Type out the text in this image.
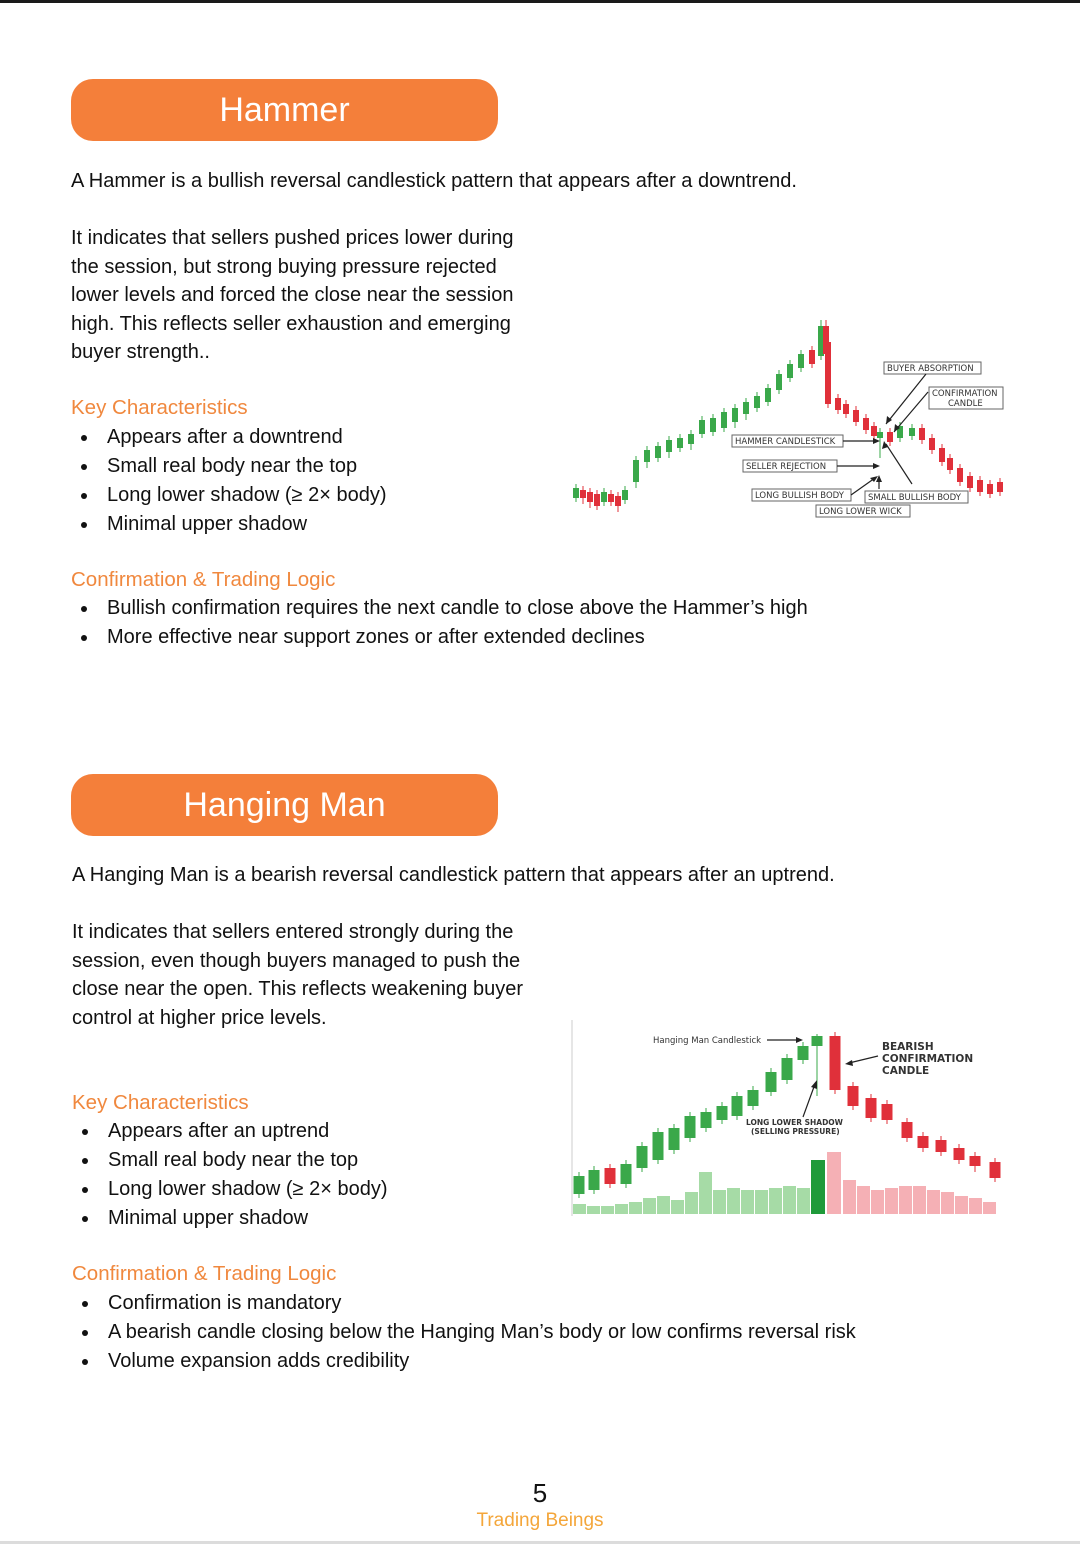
Hammer

A Hammer is a bullish reversal candlestick pattern that appears after a downtrend.

It indicates that sellers pushed prices lower during
the session, but strong buying pressure rejected
lower levels and forced the close near the session
high. This reflects seller exhaustion and emerging
buyer strength..

Key Characteristics

Appears after a downtrend
Small real body near the top
Long lower shadow (≥ 2× body)
Minimal upper shadow

Confirmation & Trading Logic

Bullish confirmation requires the next candle to close above the Hammer’s high
More effective near support zones or after extended declines
BUYER ABSORPTION
CONFIRMATION
CANDLE
HAMMER CANDLESTICK
SELLER REJECTION
LONG BULLISH BODY	SMALL BULLISH BODY
LONG LOWER WICK
Hanging Man

A Hanging Man is a bearish reversal candlestick pattern that appears after an uptrend.

It indicates that sellers entered strongly during the
session, even though buyers managed to push the
close near the open. This reflects weakening buyer
control at higher price levels.

Key Characteristics

Appears after an uptrend
Small real body near the top
Long lower shadow (≥ 2× body)
Minimal upper shadow

Confirmation & Trading Logic

Confirmation is mandatory
A bearish candle closing below the Hanging Man’s body or low confirms reversal risk
Volume expansion adds credibility
Hanging Man Candlestick	BEARISH
CONFIRMATION
CANDLE
LONG LOWER SHADOW
(SELLING PRESSURE)
5
Trading Beings
